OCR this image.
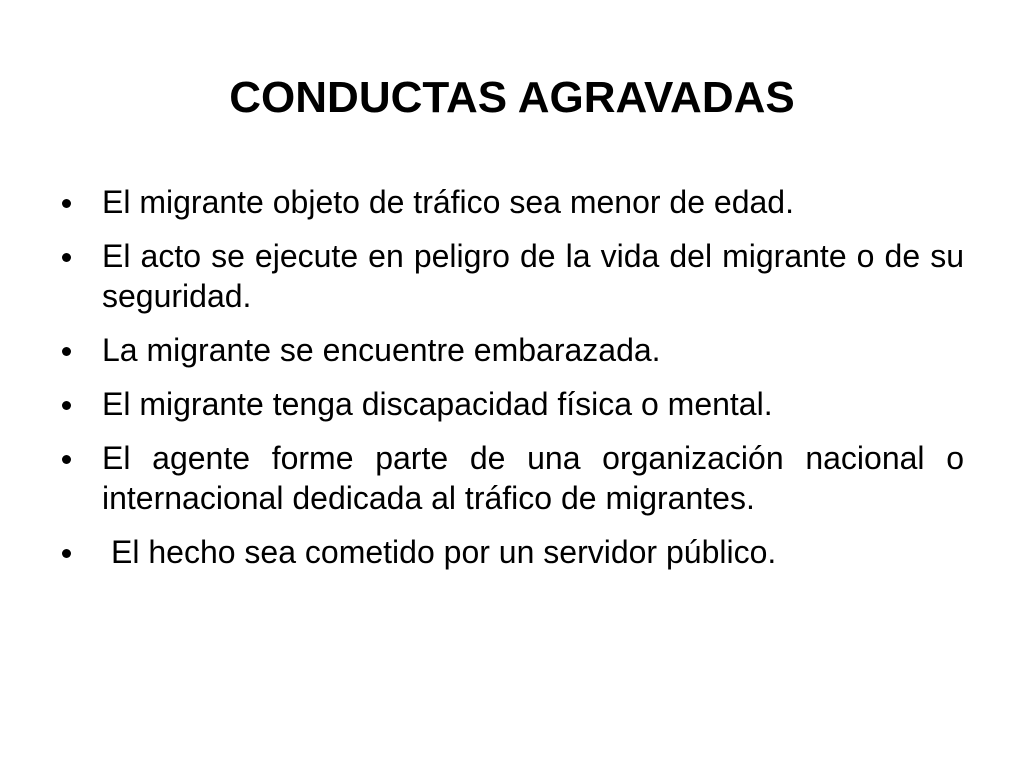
CONDUCTAS AGRAVADAS
El migrante objeto de tráfico sea menor de edad.
El acto se ejecute en peligro de la vida del migrante o de su seguridad.
La migrante se encuentre embarazada.
El migrante tenga discapacidad física o mental.
El agente forme parte de una organización nacional o internacional dedicada al tráfico de migrantes.
El hecho sea cometido por un servidor público.
